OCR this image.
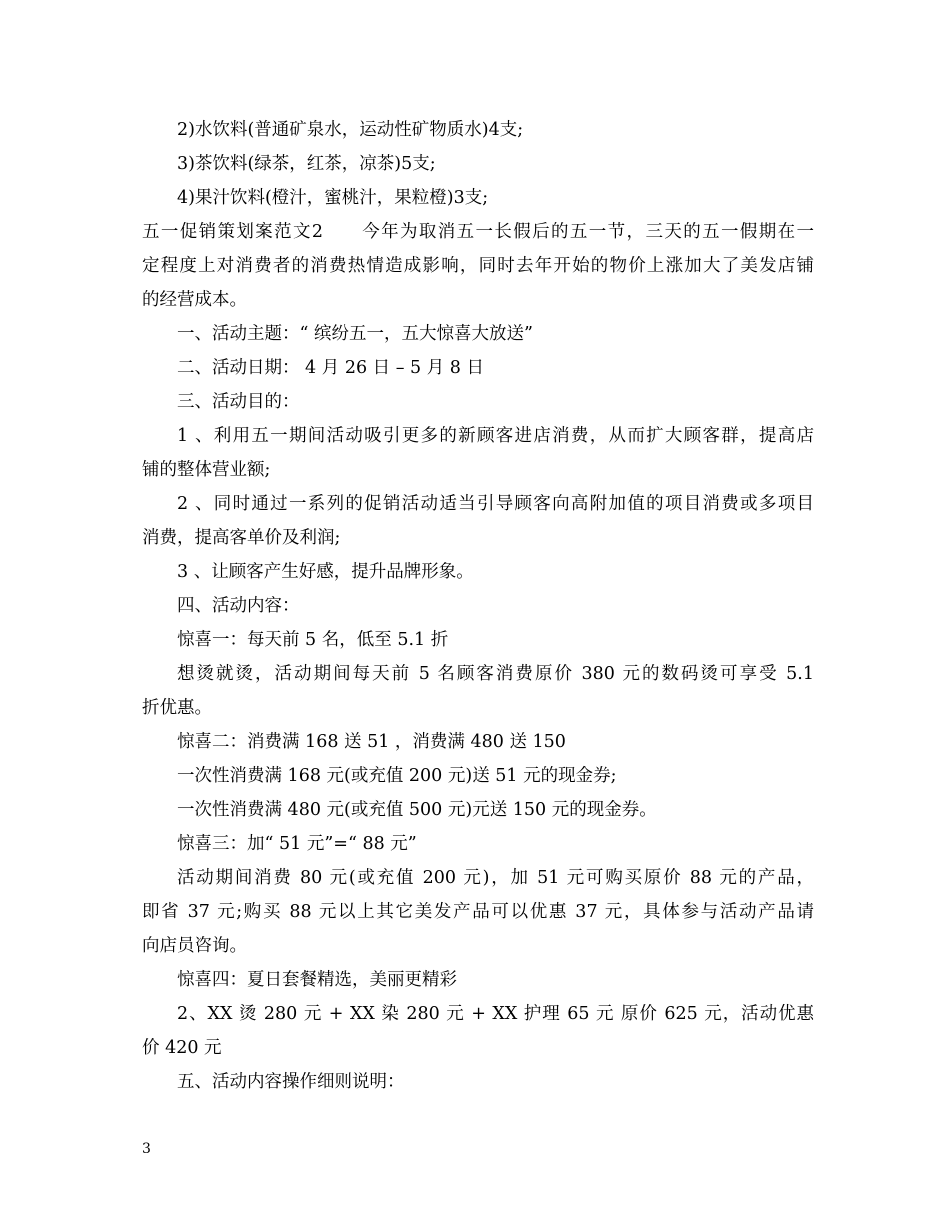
2)水饮料(普通矿泉水，运动性矿物质水)4支;
3)茶饮料(绿茶，红茶，凉茶)5支;
4)果汁饮料(橙汁，蜜桃汁，果粒橙)3支;
五一促销策划案范文2　　今年为取消五一长假后的五一节，三天的五一假期在一
定程度上对消费者的消费热情造成影响，同时去年开始的物价上涨加大了美发店铺
的经营成本。
一、活动主题：“ 缤纷五一，五大惊喜大放送”
二、活动日期： 4 月 26 日 – 5 月 8 日
三、活动目的：
1 、利用五一期间活动吸引更多的新顾客进店消费，从而扩大顾客群，提高店
铺的整体营业额;
2 、同时通过一系列的促销活动适当引导顾客向高附加值的项目消费或多项目
消费，提高客单价及利润;
3 、让顾客产生好感，提升品牌形象。
四、活动内容：
惊喜一：每天前 5 名，低至 5.1 折
想烫就烫，活动期间每天前 5 名顾客消费原价 380 元的数码烫可享受 5.1
折优惠。
惊喜二：消费满 168 送 51 ，消费满 480 送 150
一次性消费满 168 元(或充值 200 元)送 51 元的现金券;
一次性消费满 480 元(或充值 500 元)元送 150 元的现金券。
惊喜三：加“ 51 元”=“ 88 元”
活动期间消费 80 元(或充值 200 元)，加 51 元可购买原价 88 元的产品，
即省 37 元;购买 88 元以上其它美发产品可以优惠 37 元，具体参与活动产品请
向店员咨询。
惊喜四：夏日套餐精选，美丽更精彩
2、XX 烫 280 元 + XX 染 280 元 + XX 护理 65 元 原价 625 元，活动优惠
价 420 元
五、活动内容操作细则说明：
3
